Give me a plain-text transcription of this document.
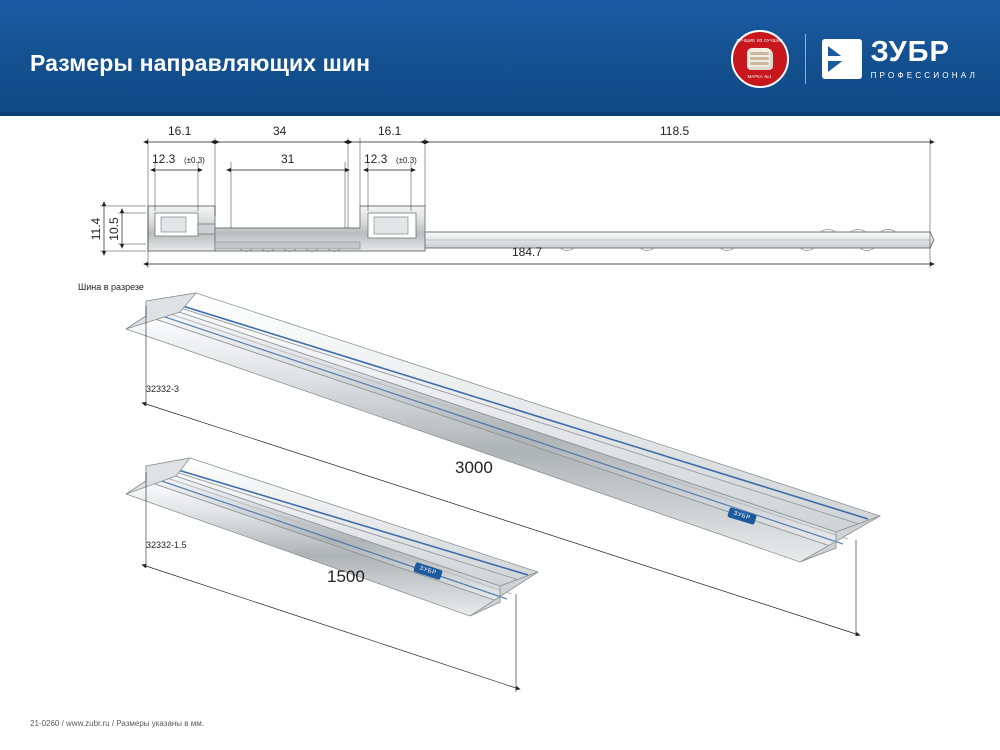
Размеры направляющих шин
ЛУЧШИЕ ИЗ ЛУЧШИХ
МАРКА №1
ЗУБР
ПРОФЕССИОНАЛ
16.1	34	16.1	118.5
12.3 (±0.3)	31	12.3 (±0.3)
11.4 10.5
184.7
Шина в разрезе
32332-3
3000
ЗУБР
32332-1.5
1500	ЗУБР
21-0260 / www.zubr.ru / Размеры указаны в мм.
